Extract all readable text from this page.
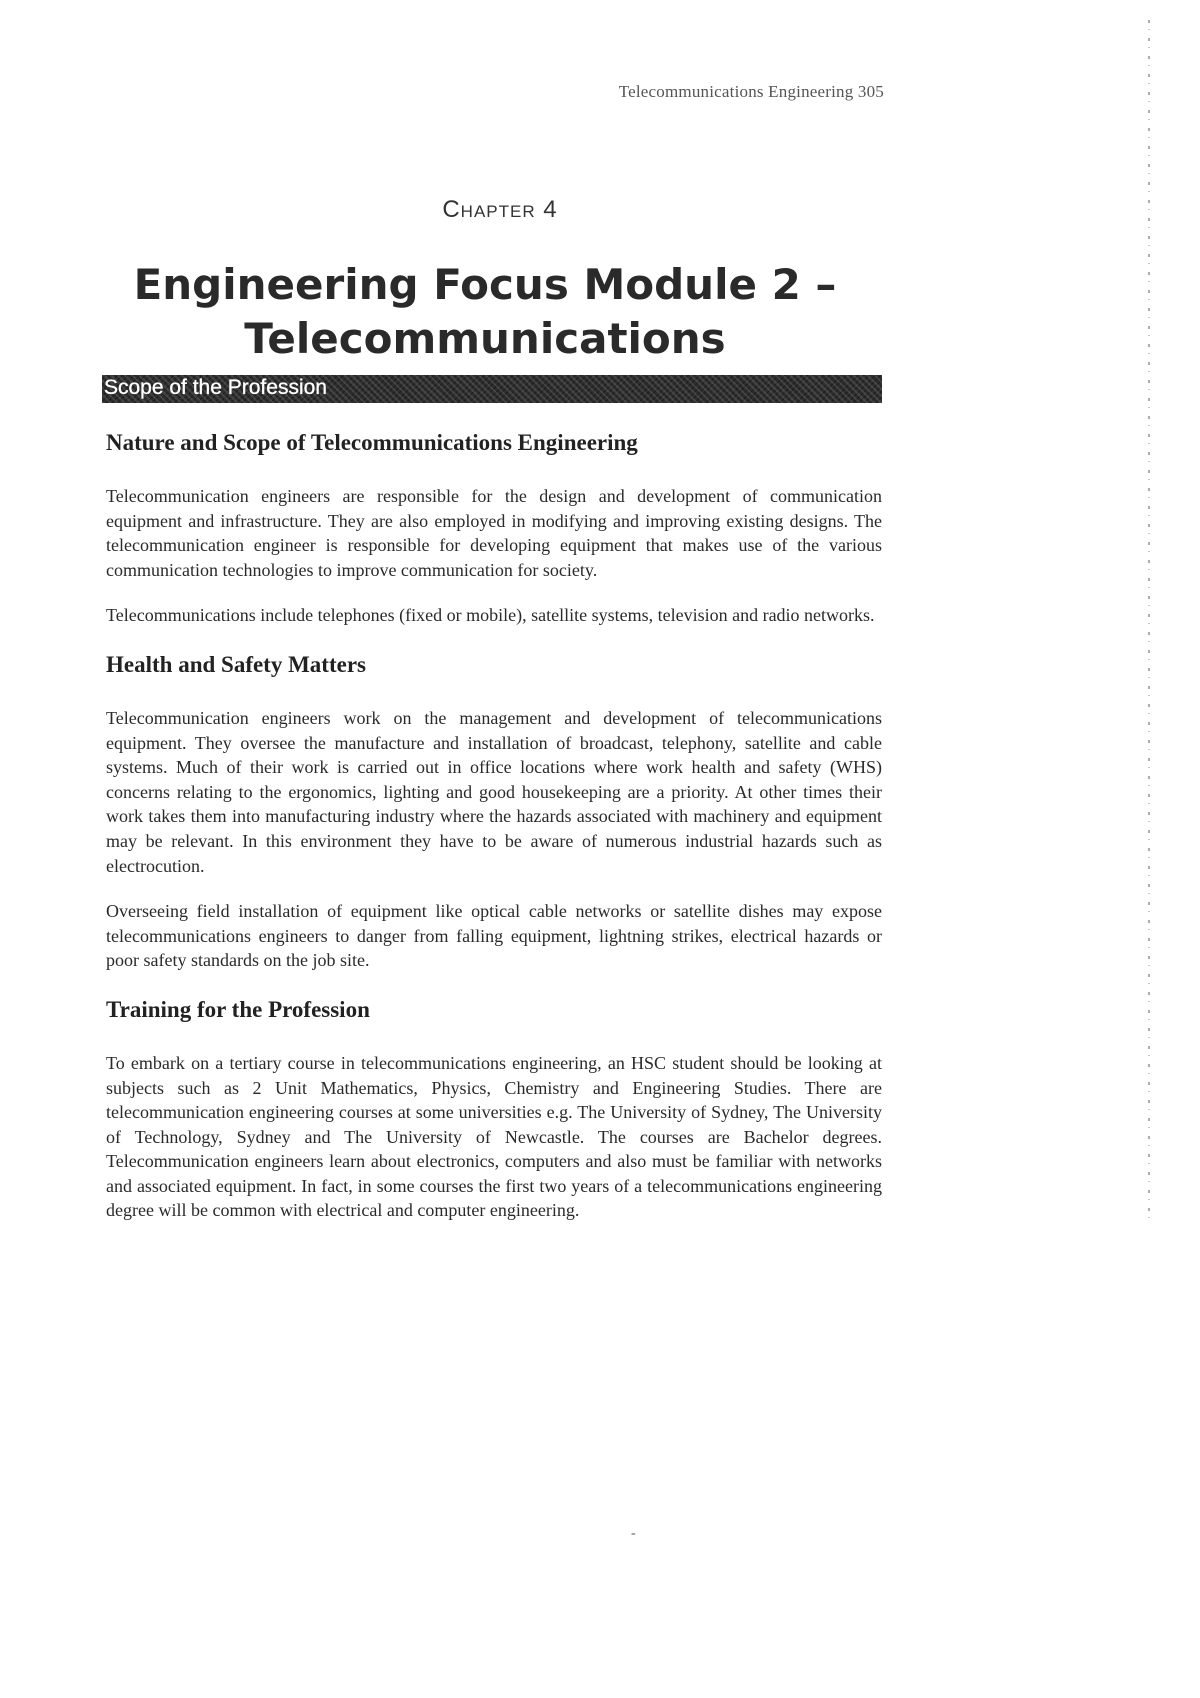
Telecommunications Engineering 305
Chapter 4
Engineering Focus Module 2 –
Telecommunications
Scope of the Profession
Nature and Scope of Telecommunications Engineering

Telecommunication engineers are responsible for the design and development of communication equipment and infrastructure. They are also employed in modifying and improving existing designs. The telecommunication engineer is responsible for developing equipment that makes use of the various communication technologies to improve communication for society.

Telecommunications include telephones (fixed or mobile), satellite systems, television and radio networks.

Health and Safety Matters

Telecommunication engineers work on the management and development of telecommunications equipment. They oversee the manufacture and installation of broadcast, telephony, satellite and cable systems. Much of their work is carried out in office locations where work health and safety (WHS) concerns relating to the ergonomics, lighting and good housekeeping are a priority. At other times their work takes them into manufacturing industry where the hazards associated with machinery and equipment may be relevant. In this environment they have to be aware of numerous industrial hazards such as electrocution.

Overseeing field installation of equipment like optical cable networks or satellite dishes may expose telecommunications engineers to danger from falling equipment, lightning strikes, electrical hazards or poor safety standards on the job site.

Training for the Profession

To embark on a tertiary course in telecommunications engineering, an HSC student should be looking at subjects such as 2 Unit Mathematics, Physics, Chemistry and Engineering Studies. There are telecommunication engineering courses at some universities e.g. The University of Sydney, The University of Technology, Sydney and The University of Newcastle. The courses are Bachelor degrees. Telecommunication engineers learn about electronics, computers and also must be familiar with networks and associated equipment. In fact, in some courses the first two years of a telecommunications engineering degree will be common with electrical and computer engineering.

-
